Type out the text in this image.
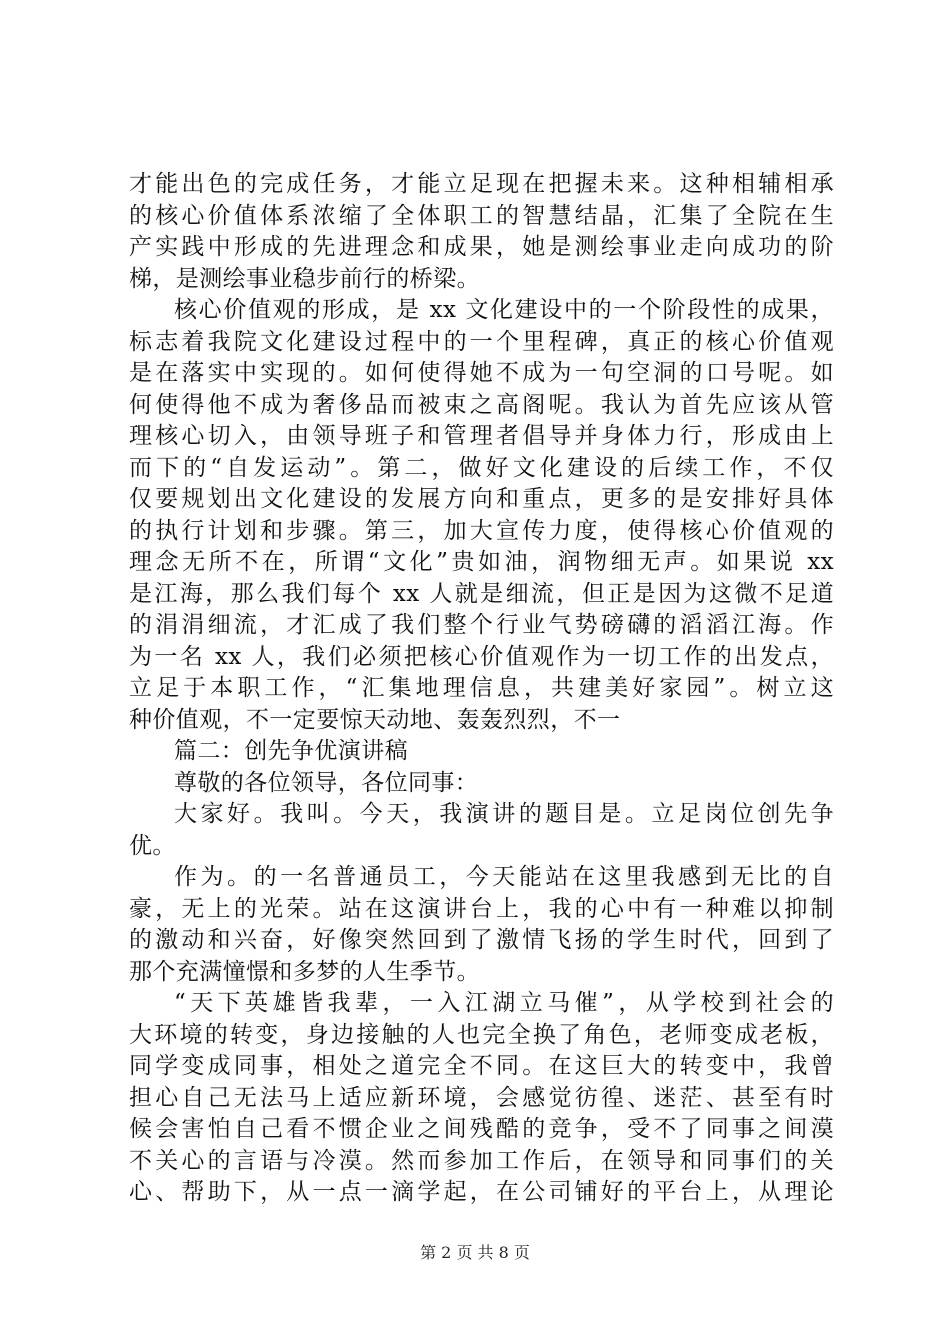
才能出色的完成任务，才能立足现在把握未来。这种相辅相承
的核心价值体系浓缩了全体职工的智慧结晶，汇集了全院在生
产实践中形成的先进理念和成果，她是测绘事业走向成功的阶
梯，是测绘事业稳步前行的桥梁。
核心价值观的形成，是 xx 文化建设中的一个阶段性的成果，
标志着我院文化建设过程中的一个里程碑，真正的核心价值观
是在落实中实现的。如何使得她不成为一句空洞的口号呢。如
何使得他不成为奢侈品而被束之高阁呢。我认为首先应该从管
理核心切入，由领导班子和管理者倡导并身体力行，形成由上
而下的“自发运动”。第二，做好文化建设的后续工作，不仅
仅要规划出文化建设的发展方向和重点，更多的是安排好具体
的执行计划和步骤。第三，加大宣传力度，使得核心价值观的
理念无所不在，所谓“文化”贵如油，润物细无声。如果说 xx
是江海，那么我们每个 xx 人就是细流，但正是因为这微不足道
的涓涓细流，才汇成了我们整个行业气势磅礴的滔滔江海。作
为一名 xx 人，我们必须把核心价值观作为一切工作的出发点，
立足于本职工作，“汇集地理信息，共建美好家园”。树立这
种价值观，不一定要惊天动地、轰轰烈烈，不一
篇二：创先争优演讲稿
尊敬的各位领导，各位同事：
大家好。我叫。今天，我演讲的题目是。立足岗位创先争
优。
作为。的一名普通员工，今天能站在这里我感到无比的自
豪，无上的光荣。站在这演讲台上，我的心中有一种难以抑制
的激动和兴奋，好像突然回到了激情飞扬的学生时代，回到了
那个充满憧憬和多梦的人生季节。
“天下英雄皆我辈，一入江湖立马催”，从学校到社会的
大环境的转变，身边接触的人也完全换了角色，老师变成老板，
同学变成同事，相处之道完全不同。在这巨大的转变中，我曾
担心自己无法马上适应新环境，会感觉彷徨、迷茫、甚至有时
候会害怕自己看不惯企业之间残酷的竞争，受不了同事之间漠
不关心的言语与冷漠。然而参加工作后，在领导和同事们的关
心、帮助下，从一点一滴学起，在公司铺好的平台上，从理论
第 2 页 共 8 页
